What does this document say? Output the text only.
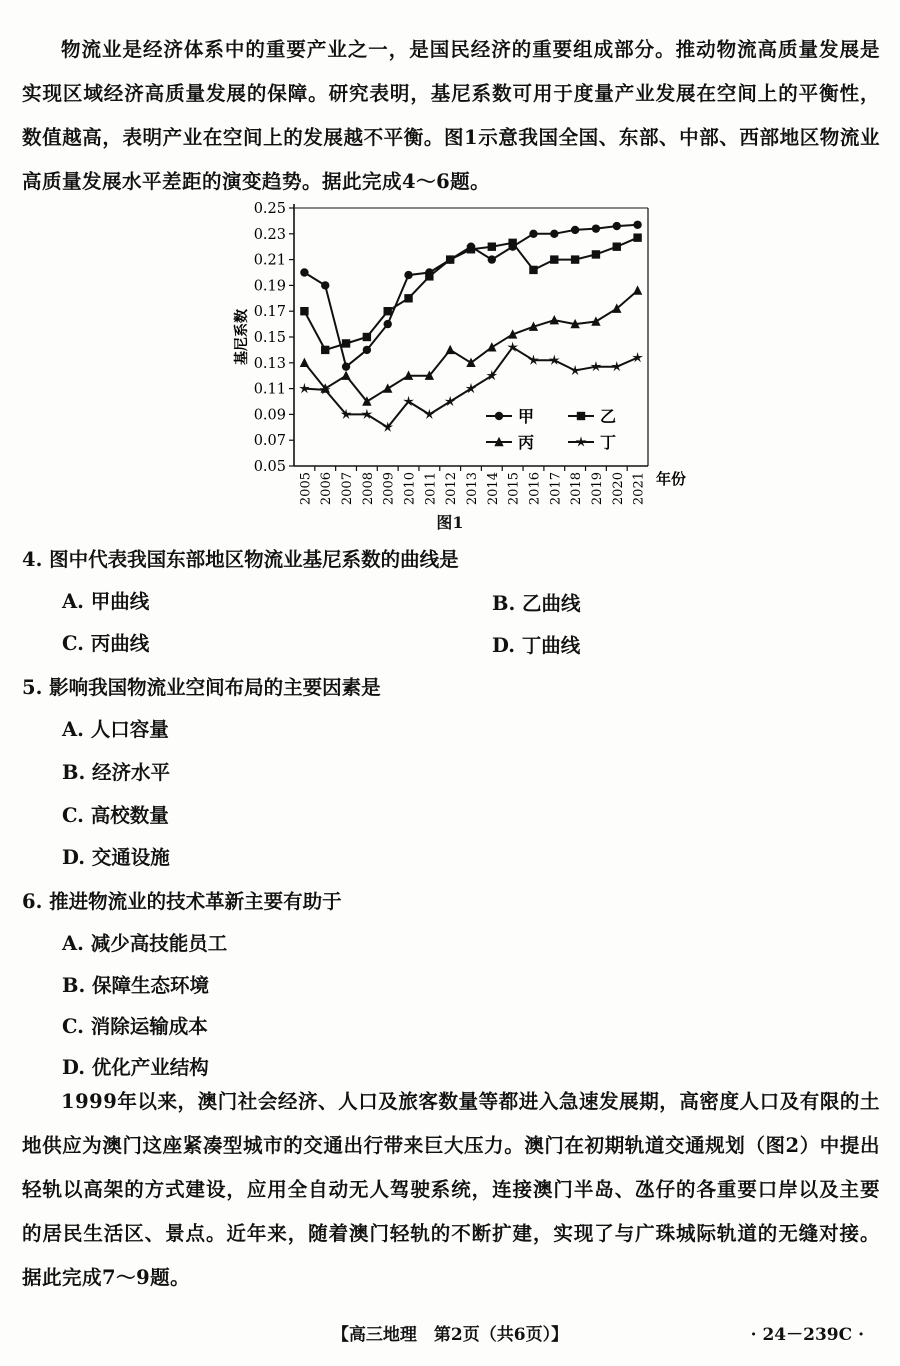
物流业是经济体系中的重要产业之一，是国民经济的重要组成部分。推动物流高质量发展是实现区域经济高质量发展的保障。研究表明，基尼系数可用于度量产业发展在空间上的平衡性，数值越高，表明产业在空间上的发展越不平衡。图1示意我国全国、东部、中部、西部地区物流业高质量发展水平差距的演变趋势。据此完成4～6题。

0.05
0.07
0.09
0.11
0.13
0.15
0.17
0.19
0.21
0.23
0.25
2005 2006 2007 2008 2009 2010 2011 2012 2013 2014 2015 2016 2017 2018 2019 2020 2021
基尼系数
年份
甲	乙
丙	丁
图1
4. 图中代表我国东部地区物流业基尼系数的曲线是
A. 甲曲线	B. 乙曲线
C. 丙曲线	D. 丁曲线
5. 影响我国物流业空间布局的主要因素是
A. 人口容量
B. 经济水平
C. 高校数量
D. 交通设施
6. 推进物流业的技术革新主要有助于
A. 减少高技能员工
B. 保障生态环境
C. 消除运输成本
D. 优化产业结构

1999年以来，澳门社会经济、人口及旅客数量等都进入急速发展期，高密度人口及有限的土地供应为澳门这座紧凑型城市的交通出行带来巨大压力。澳门在初期轨道交通规划（图2）中提出轻轨以高架的方式建设，应用全自动无人驾驶系统，连接澳门半岛、氹仔的各重要口岸以及主要的居民生活区、景点。近年来，随着澳门轻轨的不断扩建，实现了与广珠城际轨道的无缝对接。据此完成7～9题。

【高三地理　第2页（共6页）】	· 24－239C ·
